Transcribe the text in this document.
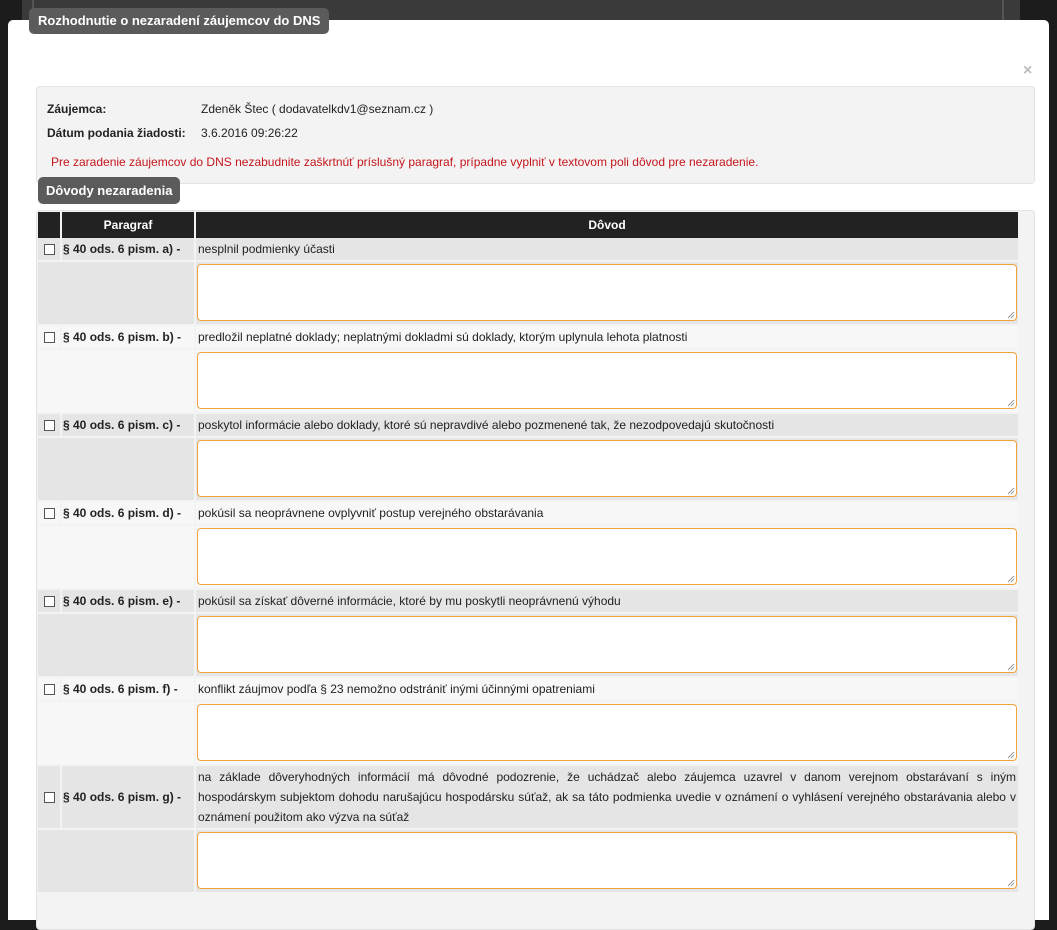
×
Záujemca:	Zdeněk Štec ( dodavatelkdv1@seznam.cz )
Dátum podania žiadosti: 3.6.2016 09:26:22
Pre zaradenie záujemcov do DNS nezabudnite zaškrtnúť príslušný paragraf, prípadne vyplniť v textovom poli dôvod pre nezaradenie.
Rozhodnutie o nezaradení záujemcov do DNS
Dôvody nezaradenia
Paragraf	Dôvod
§ 40 ods. 6 pism. a) - nesplnil podmienky účasti
§ 40 ods. 6 pism. b) - predložil neplatné doklady; neplatnými dokladmi sú doklady, ktorým uplynula lehota platnosti
§ 40 ods. 6 pism. c) - poskytol informácie alebo doklady, ktoré sú nepravdivé alebo pozmenené tak, že nezodpovedajú skutočnosti
§ 40 ods. 6 pism. d) - pokúsil sa neoprávnene ovplyvniť postup verejného obstarávania
§ 40 ods. 6 pism. e) - pokúsil sa získať dôverné informácie, ktoré by mu poskytli neoprávnenú výhodu
§ 40 ods. 6 pism. f) - konflikt záujmov podľa § 23 nemožno odstrániť inými účinnými opatreniami
§ 40 ods. 6 pism. g) -
na základe dôveryhodných informácií má dôvodné podozrenie, že uchádzač alebo záujemca uzavrel v danom verejnom obstarávaní s iným hospodárskym subjektom dohodu narušajúcu hospodársku súťaž, ak sa táto podmienka uvedie v oznámení o vyhlásení verejného obstarávania alebo v oznámení použitom ako výzva na súťaž
